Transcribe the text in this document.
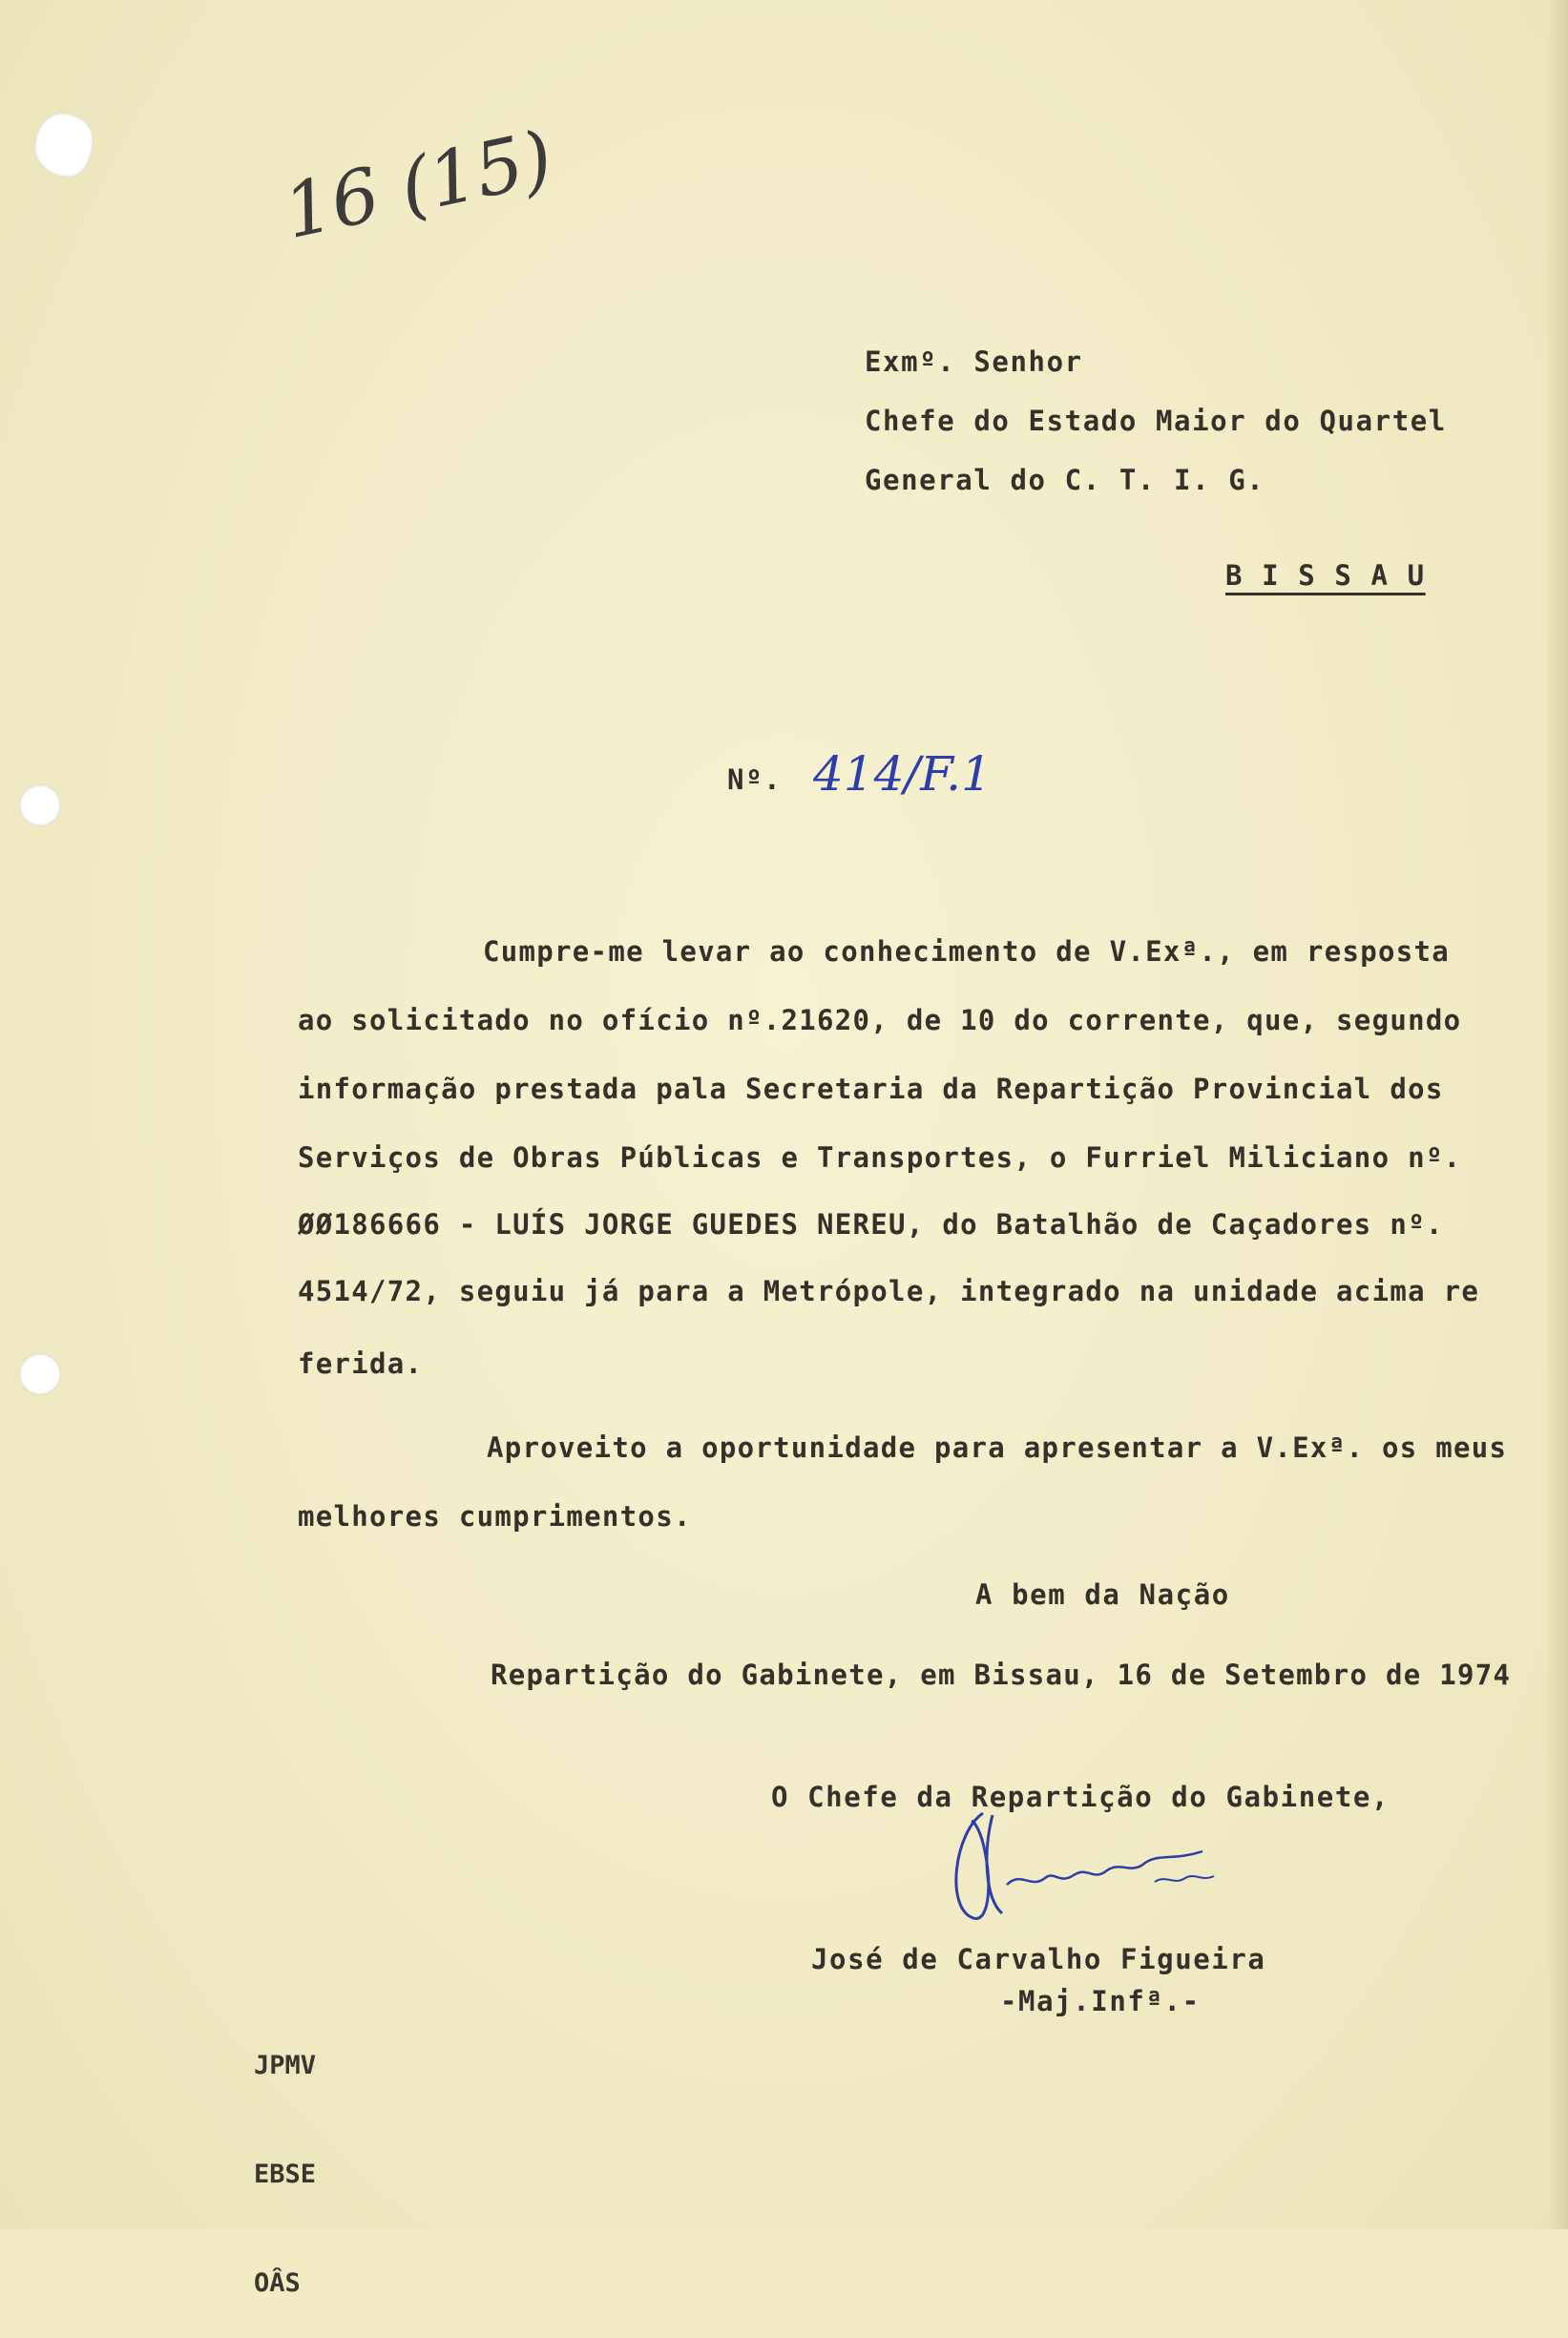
16 (15)
Exmº. Senhor
Chefe do Estado Maior do Quartel
General do C. T. I. G.
B I S S A U
Nº. 414/F.1
Cumpre-me levar ao conhecimento de V.Exª., em resposta
ao solicitado no ofício nº.21620, de 10 do corrente, que, segundo
informação prestada pala Secretaria da Repartição Provincial dos
Serviços de Obras Públicas e Transportes, o Furriel Miliciano nº.
ØØ186666 - LUÍS JORGE GUEDES NEREU, do Batalhão de Caçadores nº.
4514/72, seguiu já para a Metrópole, integrado na unidade acima re
ferida.
Aproveito a oportunidade para apresentar a V.Exª. os meus
melhores cumprimentos.
A bem da Nação
Repartição do Gabinete, em Bissau, 16 de Setembro de 1974
O Chefe da Repartição do Gabinete,
José de Carvalho Figueira
-Maj.Infª.-

JPMV

EBSE

OÂS
